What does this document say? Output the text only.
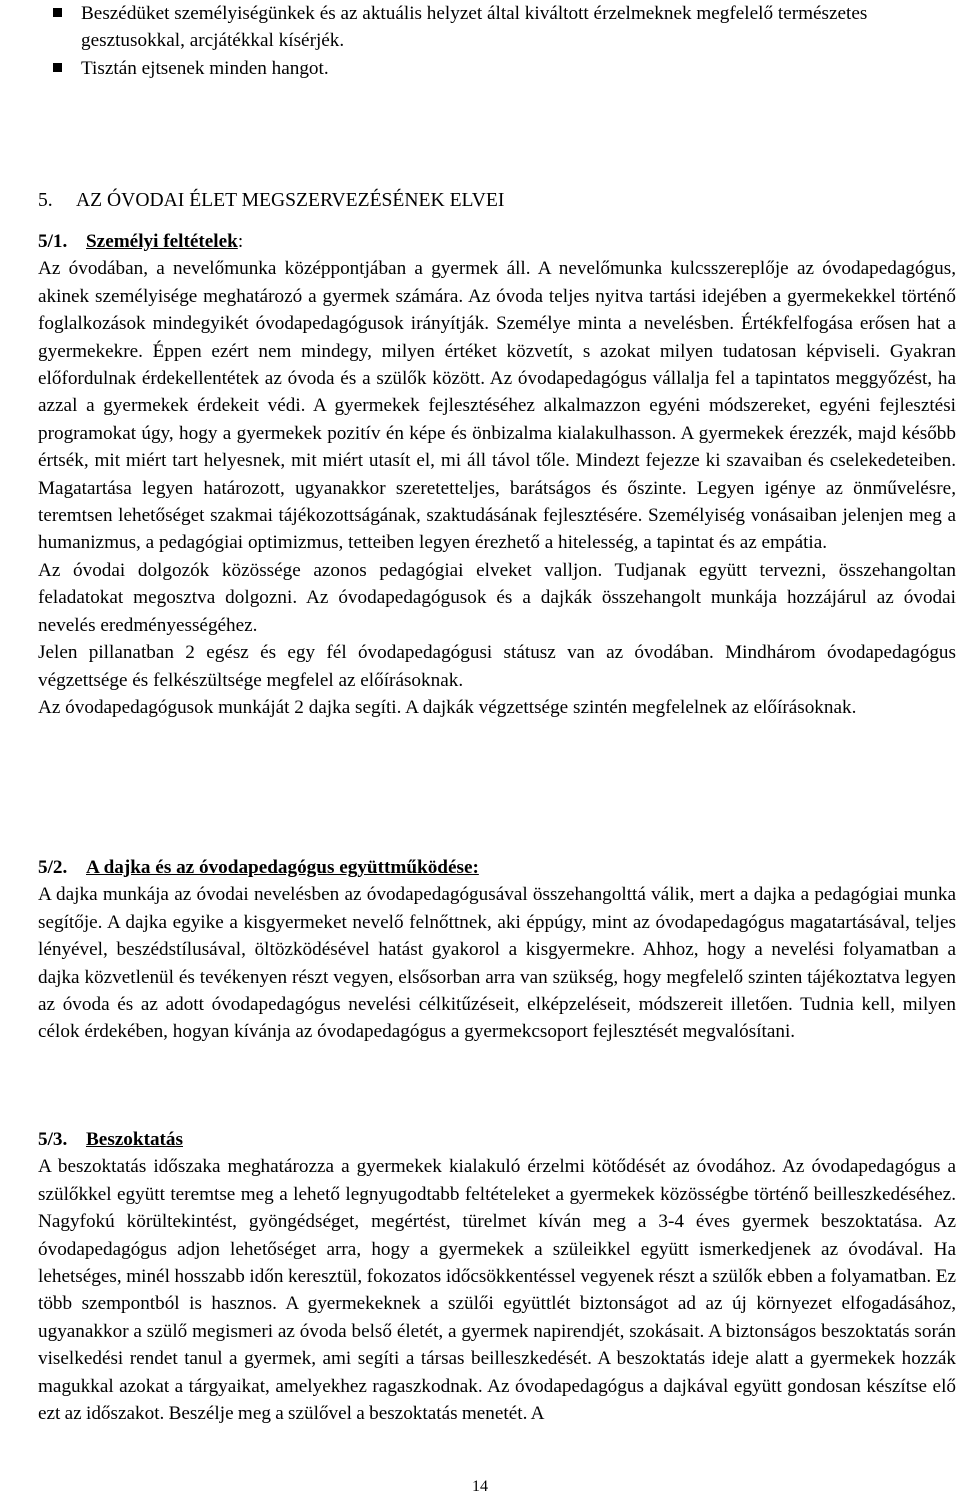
Beszédüket személyiségünkek és az aktuális helyzet által kiváltott érzelmeknek megfelelő természetes gesztusokkal, arcjátékkal kísérjék.
Tisztán ejtsenek minden hangot.
5. AZ ÓVODAI ÉLET MEGSZERVEZÉSÉNEK ELVEI

5/1. Személyi feltételek:

Az óvodában, a nevelőmunka középpontjában a gyermek áll. A nevelőmunka kulcsszereplője az óvodapedagógus, akinek személyisége meghatározó a gyermek számára. Az óvoda teljes nyitva tartási idejében a gyermekekkel történő foglalkozások mindegyikét óvodapedagógusok irányítják. Személye minta a nevelésben. Értékfelfogása erősen hat a gyermekekre. Éppen ezért nem mindegy, milyen értéket közvetít, s azokat milyen tudatosan képviseli. Gyakran előfordulnak érdekellentétek az óvoda és a szülők között. Az óvodapedagógus vállalja fel a tapintatos meggyőzést, ha azzal a gyermekek érdekeit védi. A gyermekek fejlesztéséhez alkalmazzon egyéni módszereket, egyéni fejlesztési programokat úgy, hogy a gyermekek pozitív én képe és önbizalma kialakulhasson. A gyermekek érezzék, majd később értsék, mit miért tart helyesnek, mit miért utasít el, mi áll távol tőle. Mindezt fejezze ki szavaiban és cselekedeteiben. Magatartása legyen határozott, ugyanakkor szeretetteljes, barátságos és őszinte. Legyen igénye az önművelésre, teremtsen lehetőséget szakmai tájékozottságának, szaktudásának fejlesztésére. Személyiség vonásaiban jelenjen meg a humanizmus, a pedagógiai optimizmus, tetteiben legyen érezhető a hitelesség, a tapintat és az empátia.

Az óvodai dolgozók közössége azonos pedagógiai elveket valljon. Tudjanak együtt tervezni, összehangoltan feladatokat megosztva dolgozni. Az óvodapedagógusok és a dajkák összehangolt munkája hozzájárul az óvodai nevelés eredményességéhez.

Jelen pillanatban 2 egész és egy fél óvodapedagógusi státusz van az óvodában. Mindhárom óvodapedagógus végzettsége és felkészültsége megfelel az előírásoknak.

Az óvodapedagógusok munkáját 2 dajka segíti. A dajkák végzettsége szintén megfelelnek az előírásoknak.

5/2. A dajka és az óvodapedagógus együttműködése:

A dajka munkája az óvodai nevelésben az óvodapedagógusával összehangolttá válik, mert a dajka a pedagógiai munka segítője. A dajka egyike a kisgyermeket nevelő felnőttnek, aki éppúgy, mint az óvodapedagógus magatartásával, teljes lényével, beszédstílusával, öltözködésével hatást gyakorol a kisgyermekre. Ahhoz, hogy a nevelési folyamatban a dajka közvetlenül és tevékenyen részt vegyen, elsősorban arra van szükség, hogy megfelelő szinten tájékoztatva legyen az óvoda és az adott óvodapedagógus nevelési célkitűzéseit, elképzeléseit, módszereit illetően. Tudnia kell, milyen célok érdekében, hogyan kívánja az óvodapedagógus a gyermekcsoport fejlesztését megvalósítani.

5/3. Beszoktatás

A beszoktatás időszaka meghatározza a gyermekek kialakuló érzelmi kötődését az óvodához. Az óvodapedagógus a szülőkkel együtt teremtse meg a lehető legnyugodtabb feltételeket a gyermekek közösségbe történő beilleszkedéséhez. Nagyfokú körültekintést, gyöngédséget, megértést, türelmet kíván meg a 3-4 éves gyermek beszoktatása. Az óvodapedagógus adjon lehetőséget arra, hogy a gyermekek a szüleikkel együtt ismerkedjenek az óvodával. Ha lehetséges, minél hosszabb időn keresztül, fokozatos időcsökkentéssel vegyenek részt a szülők ebben a folyamatban. Ez több szempontból is hasznos. A gyermekeknek a szülői együttlét biztonságot ad az új környezet elfogadásához, ugyanakkor a szülő megismeri az óvoda belső életét, a gyermek napirendjét, szokásait. A biztonságos beszoktatás során viselkedési rendet tanul a gyermek, ami segíti a társas beilleszkedését. A beszoktatás ideje alatt a gyermekek hozzák magukkal azokat a tárgyaikat, amelyekhez ragaszkodnak. Az óvodapedagógus a dajkával együtt gondosan készítse elő ezt az időszakot. Beszélje meg a szülővel a beszoktatás menetét. A

14
